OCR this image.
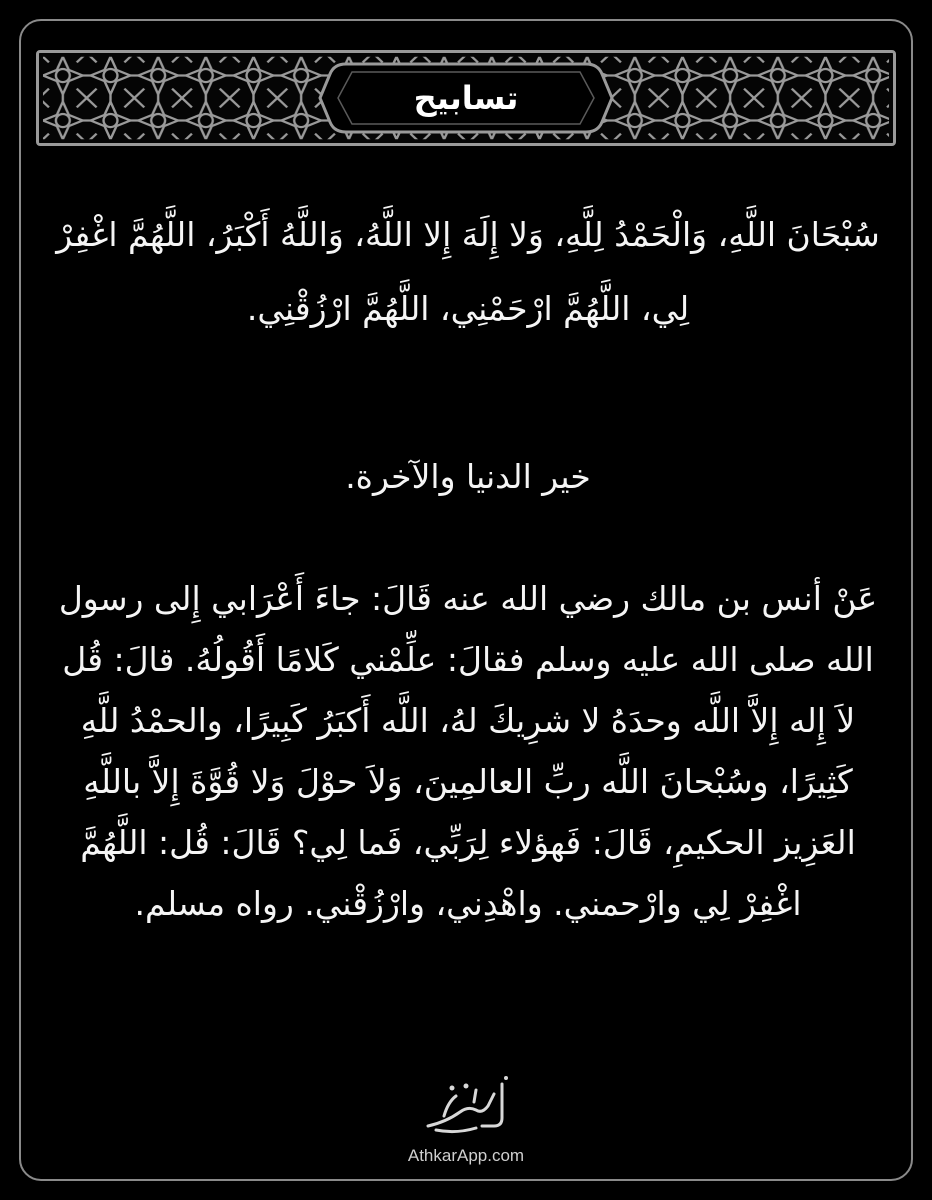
تسابيح
سُبْحَانَ اللَّهِ، وَالْحَمْدُ لِلَّهِ، وَلا إِلَهَ إِلا اللَّهُ، وَاللَّهُ أَكْبَرُ، اللَّهُمَّ اغْفِرْ لِي، اللَّهُمَّ ارْحَمْنِي، اللَّهُمَّ ارْزُقْنِي.
خير الدنيا والآخرة.
عَنْ أنس بن مالك رضي الله عنه قَالَ: جاءَ أَعْرَابي إِلى رسول الله صلى الله عليه وسلم فقالَ: علِّمْني كَلامًا أَقُولُهُ. قالَ: قُل لاَ إِله إِلاَّ اللَّه وحدَهُ لا شرِيكَ لهُ، اللَّه أَكبَرُ كَبِيرًا، والحمْدُ للَّهِ كَثِيرًا، وسُبْحانَ اللَّه ربِّ العالمِينَ، وَلاَ حوْلَ وَلا قُوَّةَ إِلاَّ باللَّهِ العَزِيز الحكيمِ، قَالَ: فَهؤلاء لِرَبِّي، فَما لِي؟ قَالَ: قُل: اللَّهُمَّ اغْفِرْ لِي وارْحمني. واهْدِني، وارْزُقْني. رواه مسلم.
AthkarApp.com
